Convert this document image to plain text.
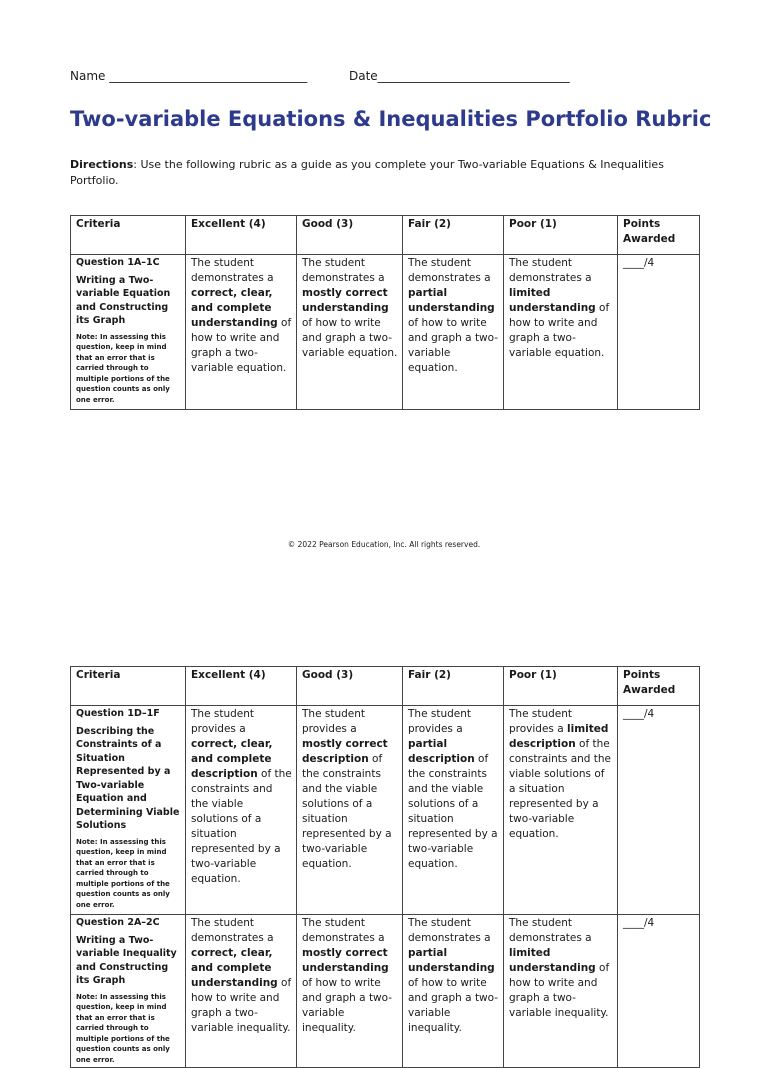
Name _________________________________	Date________________________________
Two-variable Equations & Inequalities Portfolio Rubric

Directions: Use the following rubric as a guide as you complete your Two-variable Equations & Inequalities Portfolio.

Criteria	Excellent (4)	Good (3)	Fair (2)	Poor (1)	Points Awarded

Question 1A–1C
Writing a Two-variable Equation and Constructing its Graph
Note: In assessing this question, keep in mind that an error that is carried through to multiple portions of the question counts as only one error.	The student demonstrates a correct, clear, and complete understanding of how to write and graph a two-variable equation.	The student demonstrates a mostly correct understanding of how to write and graph a two-variable equation.	The student demonstrates a partial understanding of how to write and graph a two-variable equation.	The student demonstrates a limited understanding of how to write and graph a two-variable equation.	____/4
© 2022 Pearson Education, Inc. All rights reserved.
Criteria	Excellent (4)	Good (3)	Fair (2)	Poor (1)	Points Awarded

Question 1D–1F
Describing the Constraints of a Situation Represented by a Two-variable Equation and Determining Viable Solutions
Note: In assessing this question, keep in mind that an error that is carried through to multiple portions of the question counts as only one error.	The student provides a correct, clear, and complete description of the constraints and the viable solutions of a situation represented by a two-variable equation.	The student provides a mostly correct description of the constraints and the viable solutions of a situation represented by a two-variable equation.	The student provides a partial description of the constraints and the viable solutions of a situation represented by a two-variable equation.	The student provides a limited description of the constraints and the viable solutions of a situation represented by a two-variable equation.	____/4

Question 2A–2C
Writing a Two-variable Inequality and Constructing its Graph
Note: In assessing this question, keep in mind that an error that is carried through to multiple portions of the question counts as only one error.	The student demonstrates a correct, clear, and complete understanding of how to write and graph a two-variable inequality.	The student demonstrates a mostly correct understanding of how to write and graph a two-variable inequality.	The student demonstrates a partial understanding of how to write and graph a two-variable inequality.	The student demonstrates a limited understanding of how to write and graph a two-variable inequality.	____/4
